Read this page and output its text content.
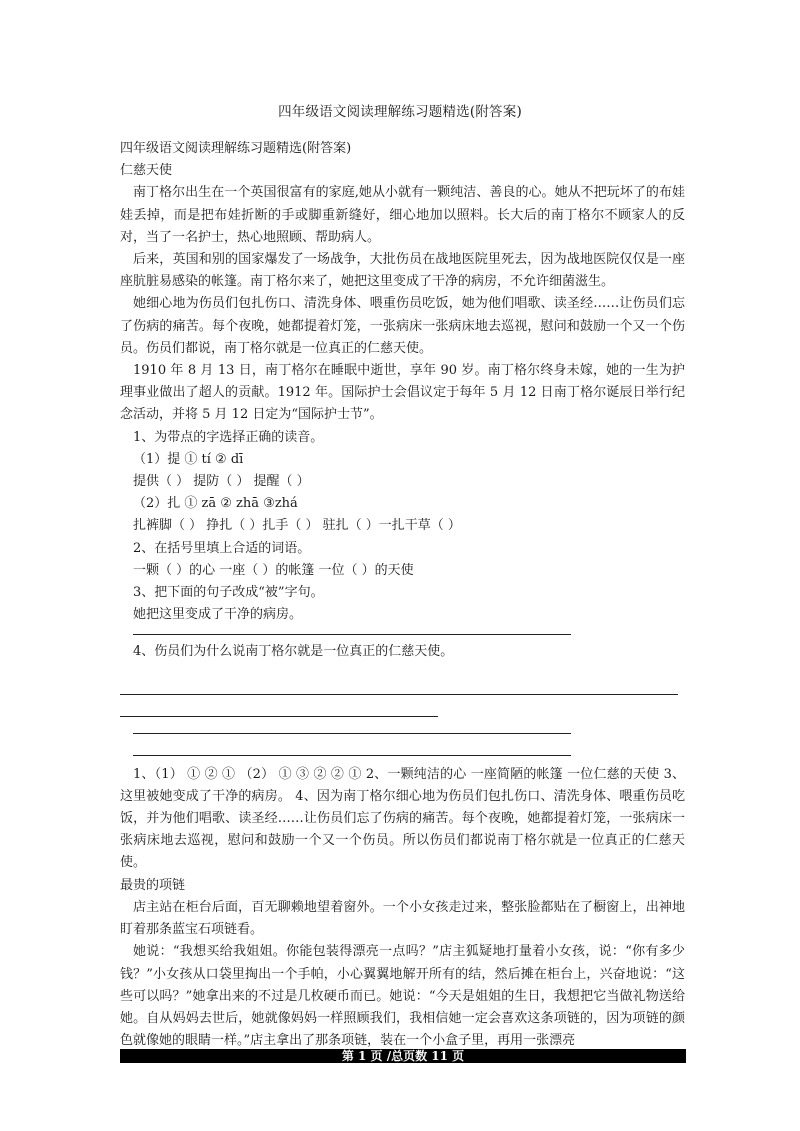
四年级语文阅读理解练习题精选(附答案)

四年级语文阅读理解练习题精选(附答案)

仁慈天使

南丁格尔出生在一个英国很富有的家庭,她从小就有一颗纯洁、善良的心。她从不把玩坏了的布娃娃丢掉，而是把布娃折断的手或脚重新缝好，细心地加以照料。长大后的南丁格尔不顾家人的反对，当了一名护士，热心地照顾、帮助病人。

后来，英国和别的国家爆发了一场战争，大批伤员在战地医院里死去，因为战地医院仅仅是一座座肮脏易感染的帐篷。南丁格尔来了，她把这里变成了干净的病房，不允许细菌滋生。

她细心地为伤员们包扎伤口、清洗身体、喂重伤员吃饭，她为他们唱歌、读圣经……让伤员们忘了伤病的痛苦。每个夜晚，她都提着灯笼，一张病床一张病床地去巡视，慰问和鼓励一个又一个伤员。伤员们都说，南丁格尔就是一位真正的仁慈天使。

1910 年 8 月 13 日，南丁格尔在睡眠中逝世，享年 90 岁。南丁格尔终身未嫁，她的一生为护理事业做出了超人的贡献。1912 年。国际护士会倡议定于每年 5 月 12 日南丁格尔诞辰日举行纪念活动，并将 5 月 12 日定为“国际护士节”。

1、为带点的字选择正确的读音。

（1）提 ① tí ② dī

提供（ ） 提防（ ） 提醒（ ）

（2）扎 ① zā ② zhā ③zhá

扎裤脚（ ） 挣扎（ ）扎手（ ） 驻扎（ ）一扎干草（ ）

2、在括号里填上合适的词语。

一颗（ ）的心 一座（ ）的帐篷 一位（ ）的天使

3、把下面的句子改成“被”字句。

她把这里变成了干净的病房。

4、伤员们为什么说南丁格尔就是一位真正的仁慈天使。

1、（1） ① ② ① （2） ① ③ ② ② ① 2、一颗纯洁的心 一座简陋的帐篷 一位仁慈的天使 3、这里被她变成了干净的病房。 4、因为南丁格尔细心地为伤员们包扎伤口、清洗身体、喂重伤员吃饭，并为他们唱歌、读圣经……让伤员们忘了伤病的痛苦。每个夜晚，她都提着灯笼，一张病床一张病床地去巡视，慰问和鼓励一个又一个伤员。所以伤员们都说南丁格尔就是一位真正的仁慈天使。

最贵的项链

店主站在柜台后面，百无聊赖地望着窗外。一个小女孩走过来，整张脸都贴在了橱窗上，出神地盯着那条蓝宝石项链看。

她说：“我想买给我姐姐。你能包装得漂亮一点吗？”店主狐疑地打量着小女孩，说：“你有多少钱？”小女孩从口袋里掏出一个手帕，小心翼翼地解开所有的结，然后摊在柜台上，兴奋地说：“这些可以吗？”她拿出来的不过是几枚硬币而已。她说：“今天是姐姐的生日，我想把它当做礼物送给她。自从妈妈去世后，她就像妈妈一样照顾我们，我相信她一定会喜欢这条项链的，因为项链的颜色就像她的眼睛一样。”店主拿出了那条项链，装在一个小盒子里，再用一张漂亮

第 1 页 /总页数 11 页
